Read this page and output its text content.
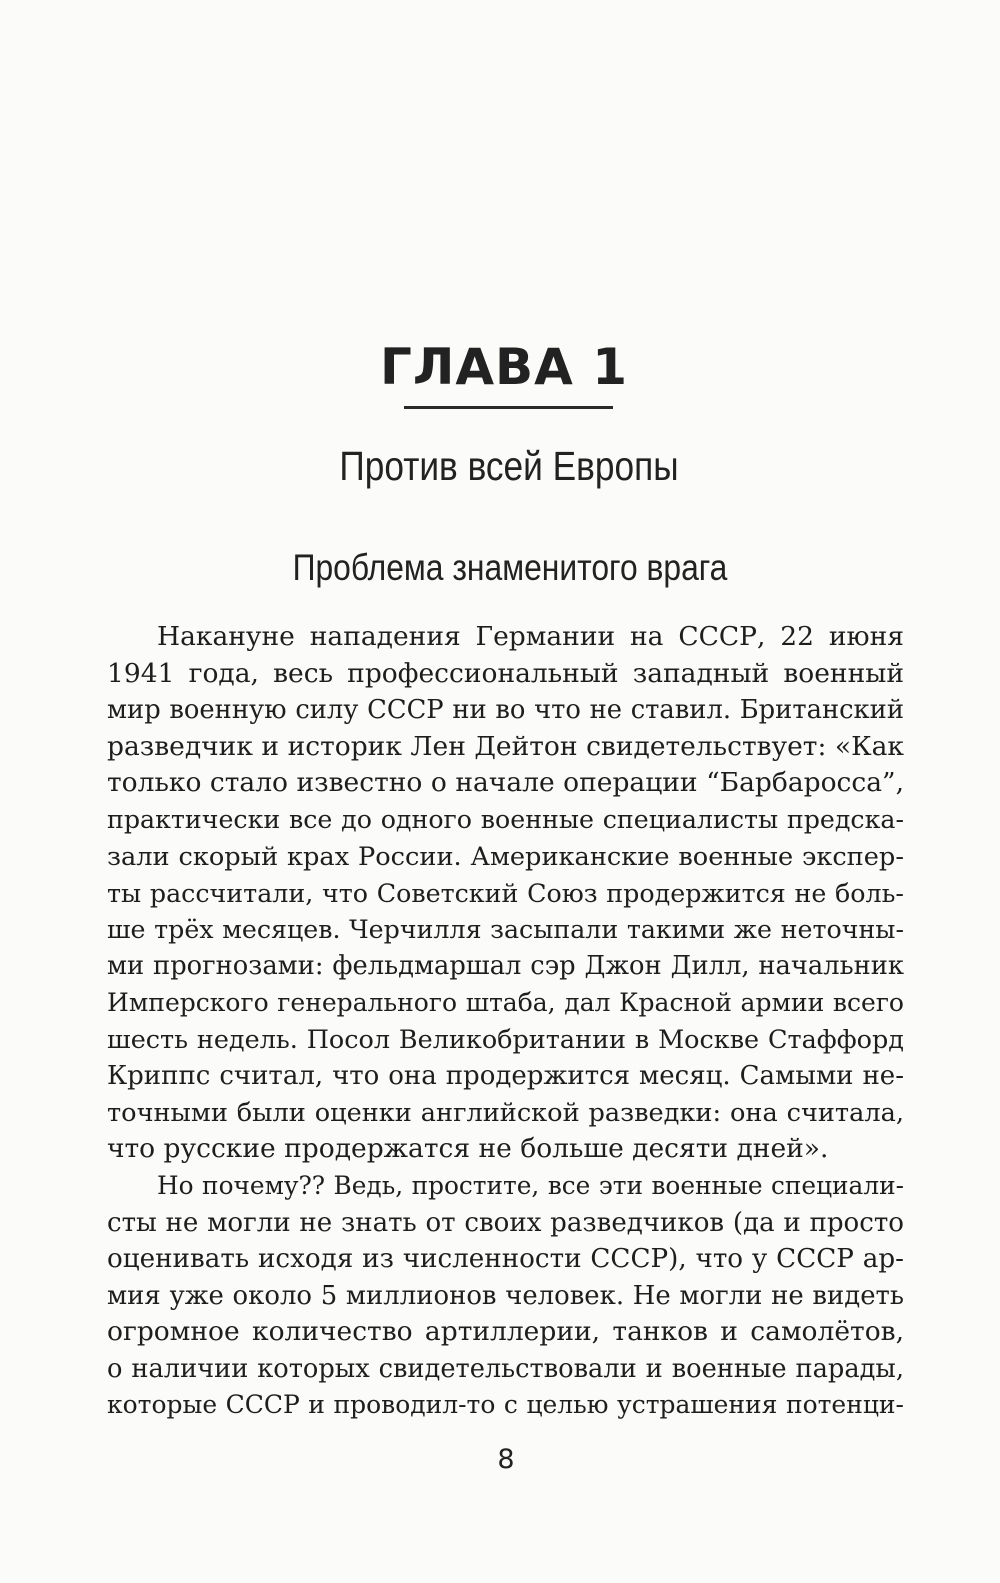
ГЛАВА 1
Против всей Европы
Проблема знаменитого врага
Накануне нападения Германии на СССР, 22 июня
1941 года, весь профессиональный западный военный
мир военную силу СССР ни во что не ставил. Британский
разведчик и историк Лен Дейтон свидетельствует: «Как
только стало известно о начале операции “Барбаросса”,
практически все до одного военные специалисты предска-
зали скорый крах России. Американские военные экспер-
ты рассчитали, что Советский Союз продержится не боль-
ше трёх месяцев. Черчилля засыпали такими же неточны-
ми прогнозами: фельдмаршал сэр Джон Дилл, начальник
Имперского генерального штаба, дал Красной армии всего
шесть недель. Посол Великобритании в Москве Стаффорд
Криппс считал, что она продержится месяц. Самыми не-
точными были оценки английской разведки: она считала,
что русские продержатся не больше десяти дней».
Но почему?? Ведь, простите, все эти военные специали-
сты не могли не знать от своих разведчиков (да и просто
оценивать исходя из численности СССР), что у СССР ар-
мия уже около 5 миллионов человек. Не могли не видеть
огромное количество артиллерии, танков и самолётов,
о наличии которых свидетельствовали и военные парады,
которые СССР и проводил-то с целью устрашения потенци-
8
